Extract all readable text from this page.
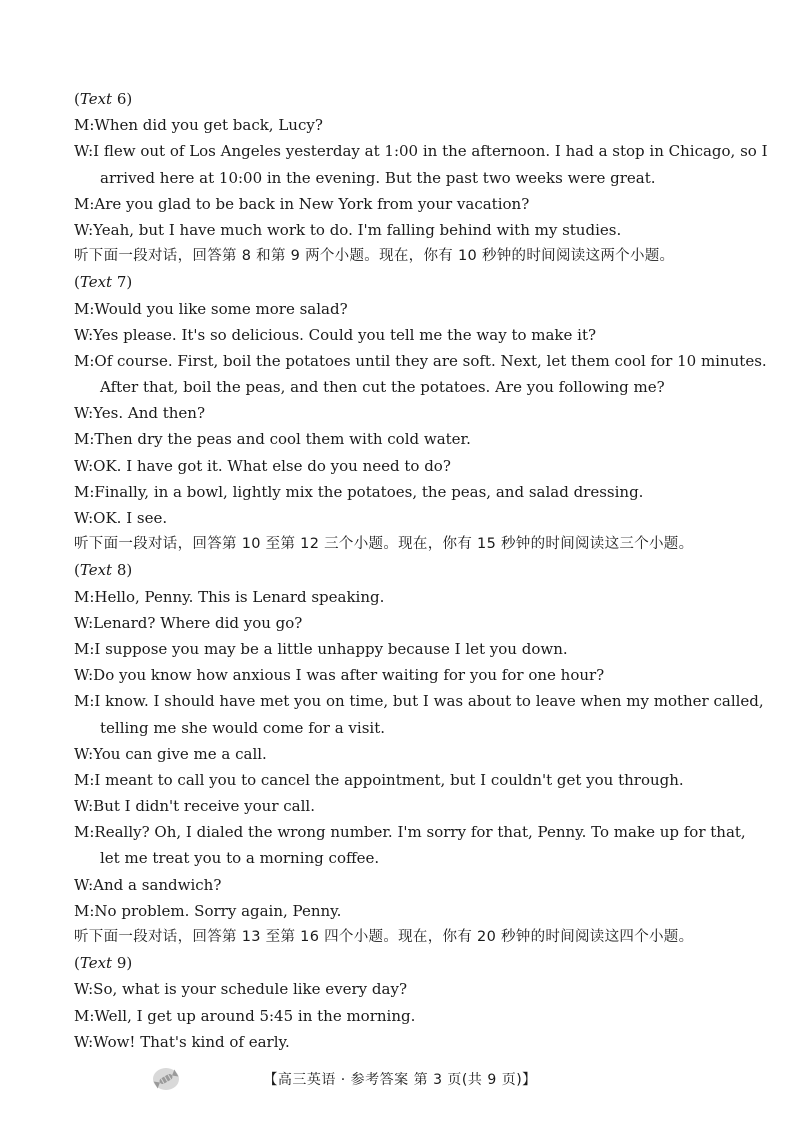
(Text 6)
M:When did you get back, Lucy?
W:I flew out of Los Angeles yesterday at 1:00 in the afternoon. I had a stop in Chicago, so I
arrived here at 10:00 in the evening. But the past two weeks were great.
M:Are you glad to be back in New York from your vacation?
W:Yeah, but I have much work to do. I'm falling behind with my studies.
听下面一段对话，回答第 8 和第 9 两个小题。现在，你有 10 秒钟的时间阅读这两个小题。
(Text 7)
M:Would you like some more salad?
W:Yes please. It's so delicious. Could you tell me the way to make it?
M:Of course. First, boil the potatoes until they are soft. Next, let them cool for 10 minutes.
After that, boil the peas, and then cut the potatoes. Are you following me?
W:Yes. And then?
M:Then dry the peas and cool them with cold water.
W:OK. I have got it. What else do you need to do?
M:Finally, in a bowl, lightly mix the potatoes, the peas, and salad dressing.
W:OK. I see.
听下面一段对话，回答第 10 至第 12 三个小题。现在，你有 15 秒钟的时间阅读这三个小题。
(Text 8)
M:Hello, Penny. This is Lenard speaking.
W:Lenard? Where did you go?
M:I suppose you may be a little unhappy because I let you down.
W:Do you know how anxious I was after waiting for you for one hour?
M:I know. I should have met you on time, but I was about to leave when my mother called,
telling me she would come for a visit.
W:You can give me a call.
M:I meant to call you to cancel the appointment, but I couldn't get you through.
W:But I didn't receive your call.
M:Really? Oh, I dialed the wrong number. I'm sorry for that, Penny. To make up for that,
let me treat you to a morning coffee.
W:And a sandwich?
M:No problem. Sorry again, Penny.
听下面一段对话，回答第 13 至第 16 四个小题。现在，你有 20 秒钟的时间阅读这四个小题。
(Text 9)
W:So, what is your schedule like every day?
M:Well, I get up around 5:45 in the morning.
W:Wow! That's kind of early.
【高三英语 · 参考答案 第 3 页(共 9 页)】
